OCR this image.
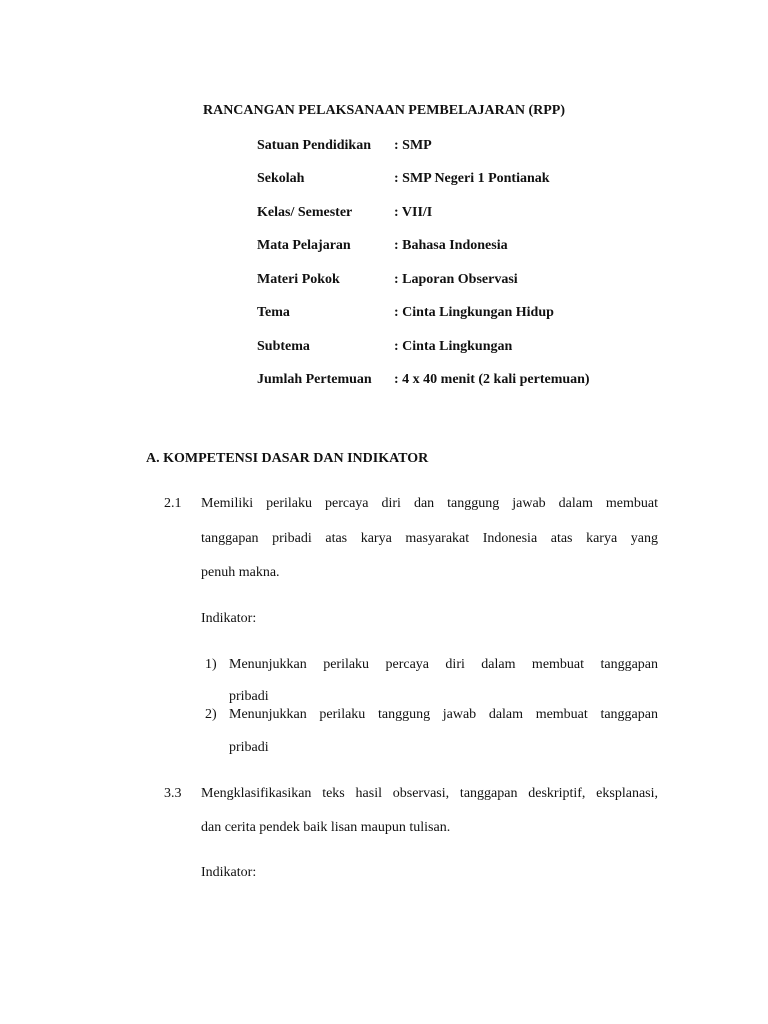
RANCANGAN PELAKSANAAN PEMBELAJARAN (RPP)
Satuan Pendidikan : SMP
Sekolah	: SMP Negeri 1 Pontianak
Kelas/ Semester	: VII/I
Mata Pelajaran	: Bahasa Indonesia
Materi Pokok	: Laporan Observasi
Tema	: Cinta Lingkungan Hidup
Subtema	: Cinta Lingkungan
Jumlah Pertemuan : 4 x 40 menit (2 kali pertemuan)
A. KOMPETENSI DASAR DAN INDIKATOR
2.1 Memiliki perilaku percaya diri dan tanggung jawab dalam membuat
tanggapan pribadi atas karya masyarakat Indonesia atas karya yang
penuh makna.
Indikator:
1) Menunjukkan perilaku percaya diri dalam membuat tanggapan
pribadi
2) Menunjukkan perilaku tanggung jawab dalam membuat tanggapan
pribadi
3.3 Mengklasifikasikan teks hasil observasi, tanggapan deskriptif, eksplanasi,
dan cerita pendek baik lisan maupun tulisan.
Indikator:
